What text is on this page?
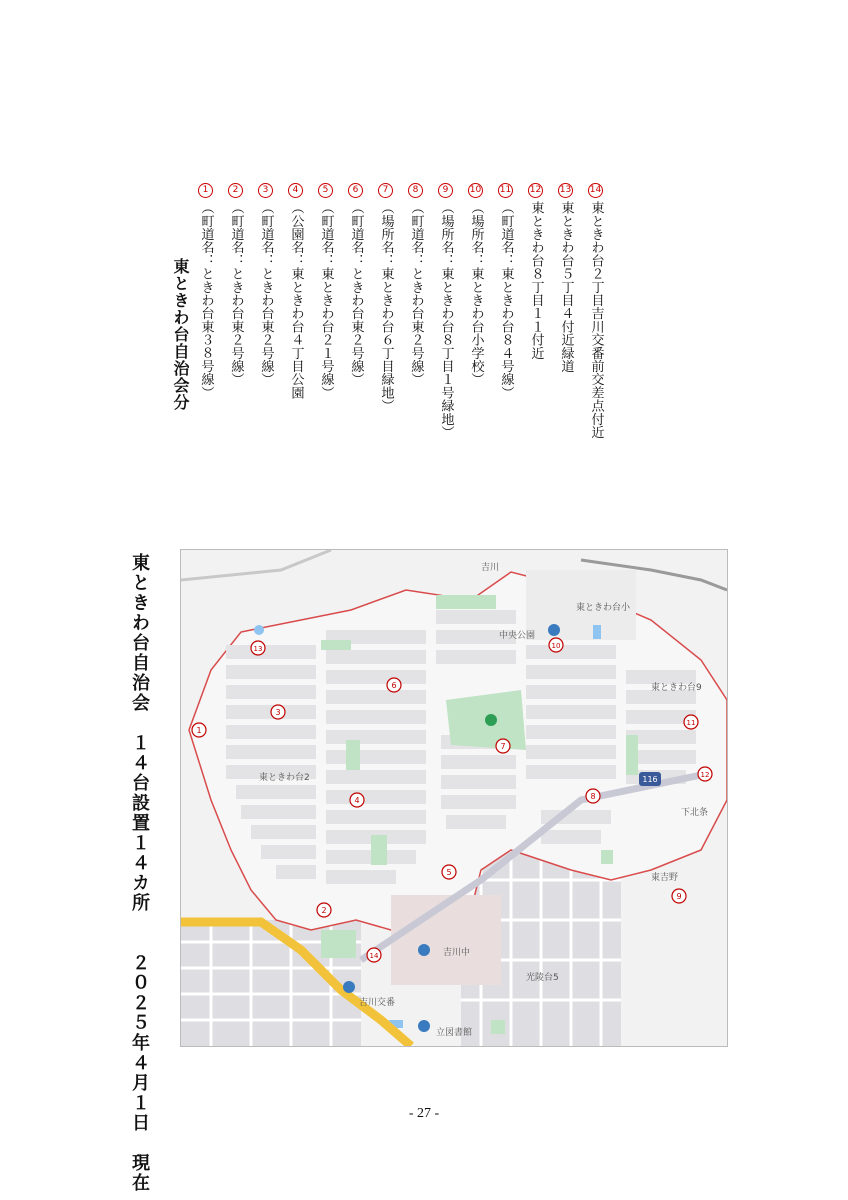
東ときわ台自治会　１４台設置１４カ所　　２０２５年４月１日　現在
東ときわ台自治会分
1（町道名：ときわ台東３８号線）
2（町道名：ときわ台東２号線）
3（町道名：ときわ台東２号線）
4（公園名：東ときわ台４丁目公園
5（町道名：東ときわ台２１号線）
6（町道名：ときわ台東２号線）
7（場所名：東ときわ台６丁目緑地）
8（町道名：ときわ台東２号線）
9（場所名：東ときわ台８丁目１号緑地）
10（場所名：東ときわ台小学校）
11（町道名：東ときわ台８４号線）
12東ときわ台８丁目１１付近
13東ときわ台５丁目４付近緑道
14東ときわ台２丁目吉川交番前交差点付近
中央公園
東ときわ台小
吉川中
吉川交番
立図書館
東ときわ台2
東ときわ台9
吉川
光陵台5
下北条
東吉野
116
1
2
3
4
5
6
7
8
9
10
11
12
13
14
- 27 -
